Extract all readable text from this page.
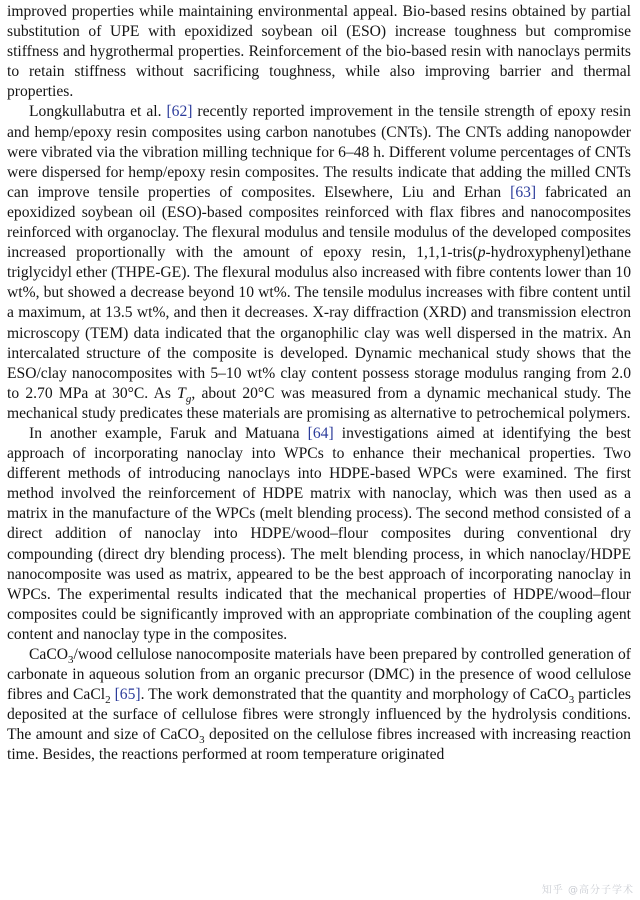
improved properties while maintaining environmental appeal. Bio-based resins obtained by partial substitution of UPE with epoxidized soybean oil (ESO) increase toughness but compromise stiffness and hygrothermal properties. Reinforcement of the bio-based resin with nanoclays permits to retain stiffness without sacrificing toughness, while also improving barrier and thermal properties.

Longkullabutra et al. [62] recently reported improvement in the tensile strength of epoxy resin and hemp/epoxy resin composites using carbon nanotubes (CNTs). The CNTs adding nanopowder were vibrated via the vibration milling technique for 6–48 h. Different volume percentages of CNTs were dispersed for hemp/epoxy resin composites. The results indicate that adding the milled CNTs can improve tensile properties of composites. Elsewhere, Liu and Erhan [63] fabricated an epoxidized soybean oil (ESO)-based composites reinforced with flax fibres and nanocomposites reinforced with organoclay. The flexural modulus and tensile modulus of the developed composites increased proportionally with the amount of epoxy resin, 1,1,1-tris(p-hydroxyphenyl)ethane triglycidyl ether (THPE-GE). The flexural modulus also increased with fibre contents lower than 10 wt%, but showed a decrease beyond 10 wt%. The tensile modulus increases with fibre content until a maximum, at 13.5 wt%, and then it decreases. X-ray diffraction (XRD) and transmission electron microscopy (TEM) data indicated that the organophilic clay was well dispersed in the matrix. An intercalated structure of the composite is developed. Dynamic mechanical study shows that the ESO/clay nanocomposites with 5–10 wt% clay content possess storage modulus ranging from 2.0 to 2.70 MPa at 30°C. As $T_g$, about 20°C was measured from a dynamic mechanical study. The mechanical study predicates these materials are promising as alternative to petrochemical polymers.

In another example, Faruk and Matuana [64] investigations aimed at identifying the best approach of incorporating nanoclay into WPCs to enhance their mechanical properties. Two different methods of introducing nanoclays into HDPE-based WPCs were examined. The first method involved the reinforcement of HDPE matrix with nanoclay, which was then used as a matrix in the manufacture of the WPCs (melt blending process). The second method consisted of a direct addition of nanoclay into HDPE/wood–flour composites during conventional dry compounding (direct dry blending process). The melt blending process, in which nanoclay/HDPE nanocomposite was used as matrix, appeared to be the best approach of incorporating nanoclay in WPCs. The experimental results indicated that the mechanical properties of HDPE/wood–flour composites could be significantly improved with an appropriate combination of the coupling agent content and nanoclay type in the composites.

CaCO$_3$/wood cellulose nanocomposite materials have been prepared by controlled generation of carbonate in aqueous solution from an organic precursor (DMC) in the presence of wood cellulose fibres and CaCl$_2$ [65]. The work demonstrated that the quantity and morphology of CaCO$_3$ particles deposited at the surface of cellulose fibres were strongly influenced by the hydrolysis conditions. The amount and size of CaCO$_3$ deposited on the cellulose fibres increased with increasing reaction time. Besides, the reactions performed at room temperature originated

知乎 @高分子学术
